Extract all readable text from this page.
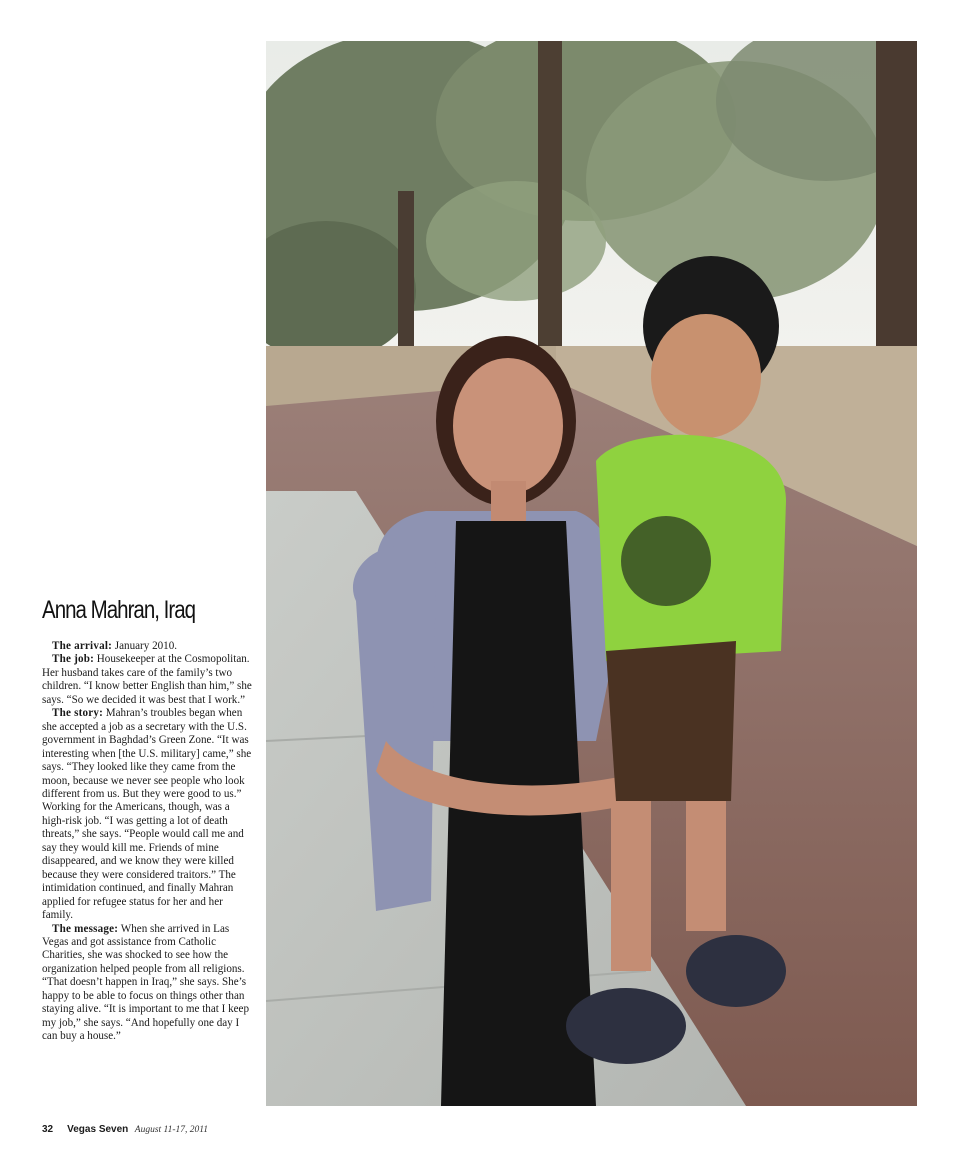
Anna Mahran, Iraq

The arrival: January 2010.

The job: Housekeeper at the Cosmopolitan. Her husband takes care of the family’s two children. “I know better English than him,” she says. “So we decided it was best that I work.”

The story: Mahran’s troubles began when she accepted a job as a secretary with the U.S. government in Baghdad’s Green Zone. “It was interesting when [the U.S. military] came,” she says. “They looked like they came from the moon, because we never see people who look different from us. But they were good to us.” Working for the Americans, though, was a high-risk job. “I was getting a lot of death threats,” she says. “People would call me and say they would kill me. Friends of mine disappeared, and we know they were killed because they were considered traitors.” The intimidation continued, and finally Mahran applied for refugee status for her and her family.

The message: When she arrived in Las Vegas and got assistance from Catholic Charities, she was shocked to see how the organization helped people from all religions. “That doesn’t happen in Iraq,” she says. She’s happy to be able to focus on things other than staying alive. “It is important to me that I keep my job,” she says. “And hopefully one day I can buy a house.”

32 Vegas Seven August 11-17, 2011
